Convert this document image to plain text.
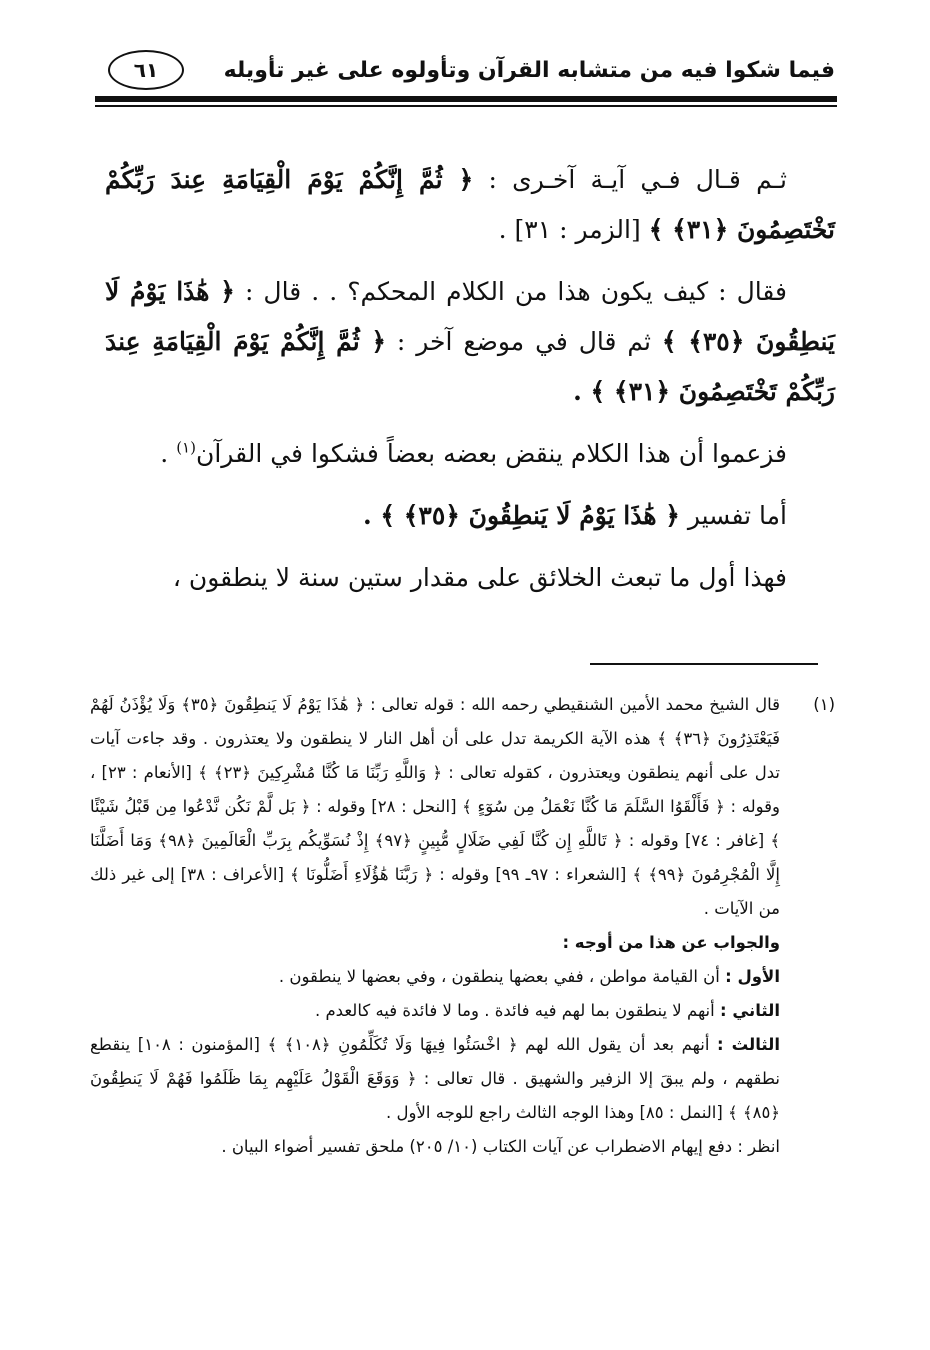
فيما شكوا فيه من متشابه القرآن وتأولوه على غير تأويله
٦١

ثـم قـال فـي آيـة آخـرى : ﴿ ثُمَّ إِنَّكُمْ يَوْمَ الْقِيَامَةِ عِندَ رَبِّكُمْ تَخْتَصِمُونَ ﴿٣١﴾ ﴾ [الزمر : ٣١] .

فقال : كيف يكون هذا من الكلام المحكم؟ . . قال : ﴿ هَٰذَا يَوْمُ لَا يَنطِقُونَ ﴿٣٥﴾ ﴾ ثم قال في موضع آخر : ﴿ ثُمَّ إِنَّكُمْ يَوْمَ الْقِيَامَةِ عِندَ رَبِّكُمْ تَخْتَصِمُونَ ﴿٣١﴾ ﴾ .

فزعموا أن هذا الكلام ينقض بعضه بعضاً فشكوا في القرآن$^{(١)}$ .

أما تفسير ﴿ هَٰذَا يَوْمُ لَا يَنطِقُونَ ﴿٣٥﴾ ﴾ .

فهذا أول ما تبعث الخلائق على مقدار ستين سنة لا ينطقون ،

(١)

قال الشيخ محمد الأمين الشنقيطي رحمه الله : قوله تعالى : ﴿ هَٰذَا يَوْمُ لَا يَنطِقُونَ ﴿٣٥﴾ وَلَا يُؤْذَنُ لَهُمْ فَيَعْتَذِرُونَ ﴿٣٦﴾ ﴾ هذه الآية الكريمة تدل على أن أهل النار لا ينطقون ولا يعتذرون . وقد جاءت آيات تدل على أنهم ينطقون ويعتذرون ، كقوله تعالى : ﴿ وَاللَّهِ رَبِّنَا مَا كُنَّا مُشْرِكِينَ ﴿٢٣﴾ ﴾ [الأنعام : ٢٣] ، وقوله : ﴿ فَأَلْقَوُا السَّلَمَ مَا كُنَّا نَعْمَلُ مِن سُوٓءٍ ﴾ [النحل : ٢٨] وقوله : ﴿ بَل لَّمْ نَكُن نَّدْعُوا مِن قَبْلُ شَيْئًا ﴾ [غافر : ٧٤] وقوله : ﴿ تَاللَّهِ إِن كُنَّا لَفِي ضَلَالٍ مُّبِينٍ ﴿٩٧﴾ إِذْ نُسَوِّيكُم بِرَبِّ الْعَالَمِينَ ﴿٩٨﴾ وَمَا أَضَلَّنَا إِلَّا الْمُجْرِمُونَ ﴿٩٩﴾ ﴾ [الشعراء : ٩٧ـ ٩٩] وقوله : ﴿ رَبَّنَا هَٰؤُلَاءِ أَضَلُّونَا ﴾ [الأعراف : ٣٨] إلى غير ذلك من الآيات .

والجواب عن هذا من أوجه :

الأول : أن القيامة مواطن ، ففي بعضها ينطقون ، وفي بعضها لا ينطقون .

الثاني : أنهم لا ينطقون بما لهم فيه فائدة . وما لا فائدة فيه كالعدم .

الثالث : أنهم بعد أن يقول الله لهم ﴿ اخْسَئُوا فِيهَا وَلَا تُكَلِّمُونِ ﴿١٠٨﴾ ﴾ [المؤمنون : ١٠٨] ينقطع نطقهم ، ولم يبقَ إلا الزفير والشهيق . قال تعالى : ﴿ وَوَقَعَ الْقَوْلُ عَلَيْهِم بِمَا ظَلَمُوا فَهُمْ لَا يَنطِقُونَ ﴿٨٥﴾ ﴾ [النمل : ٨٥] وهذا الوجه الثالث راجع للوجه الأول .

انظر : دفع إيهام الاضطراب عن آيات الكتاب (١٠/ ٢٠٥) ملحق تفسير أضواء البيان .
